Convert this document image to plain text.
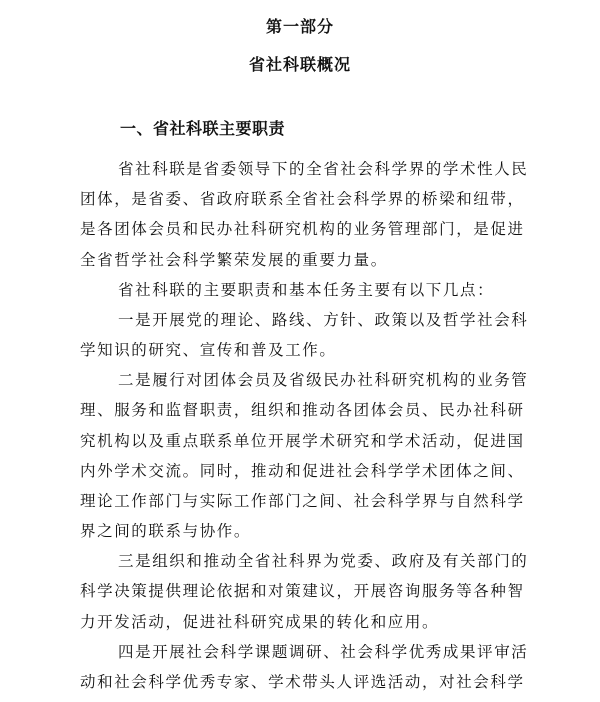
第一部分
省社科联概况
一、省社科联主要职责
省社科联是省委领导下的全省社会科学界的学术性人民
团体，是省委、省政府联系全省社会科学界的桥梁和纽带，
是各团体会员和民办社科研究机构的业务管理部门，是促进
全省哲学社会科学繁荣发展的重要力量。
省社科联的主要职责和基本任务主要有以下几点：
一是开展党的理论、路线、方针、政策以及哲学社会科
学知识的研究、宣传和普及工作。
二是履行对团体会员及省级民办社科研究机构的业务管
理、服务和监督职责，组织和推动各团体会员、民办社科研
究机构以及重点联系单位开展学术研究和学术活动，促进国
内外学术交流。同时，推动和促进社会科学学术团体之间、
理论工作部门与实际工作部门之间、社会科学界与自然科学
界之间的联系与协作。
三是组织和推动全省社科界为党委、政府及有关部门的
科学决策提供理论依据和对策建议，开展咨询服务等各种智
力开发活动，促进社科研究成果的转化和应用。
四是开展社会科学课题调研、社会科学优秀成果评审活
动和社会科学优秀专家、学术带头人评选活动，对社会科学
